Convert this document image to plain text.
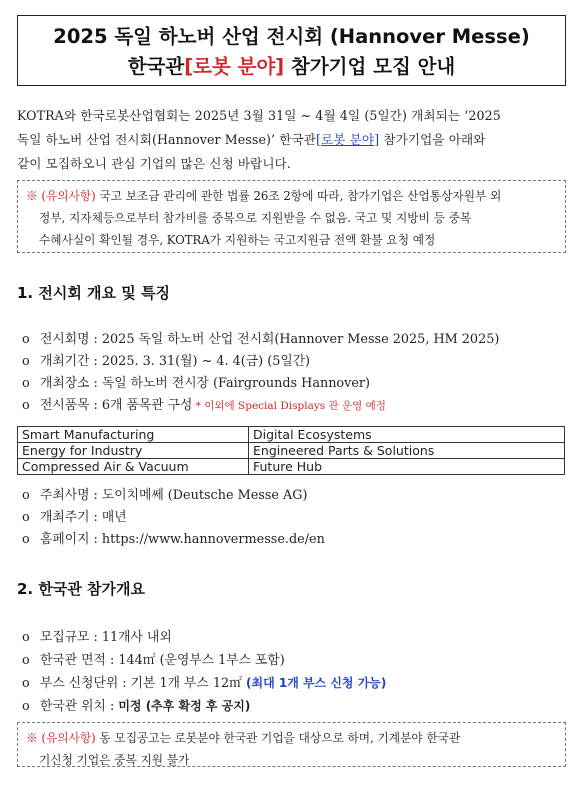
2025 독일 하노버 산업 전시회 (Hannover Messe)
한국관[로봇 분야] 참가기업 모집 안내
KOTRA와 한국로봇산업협회는 2025년 3월 31일 ~ 4월 4일 (5일간) 개최되는 ‘2025
독일 하노버 산업 전시회(Hannover Messe)’ 한국관[로봇 분야] 참가기업을 아래와
같이 모집하오니 관심 기업의 많은 신청 바랍니다.
※ (유의사항) 국고 보조금 관리에 관한 법률 26조 2항에 따라, 참가기업은 산업통상자원부 외
정부, 지자체등으로부터 참가비를 중복으로 지원받을 수 없음. 국고 및 지방비 등 중복
수혜사실이 확인될 경우, KOTRA가 지원하는 국고지원금 전액 환불 요청 예정
1. 전시회 개요 및 특징
o 전시회명 : 2025 독일 하노버 산업 전시회(Hannover Messe 2025, HM 2025)
o 개최기간 : 2025. 3. 31(월) ~ 4. 4(금) (5일간)
o 개최장소 : 독일 하노버 전시장 (Fairgrounds Hannover)
o 전시품목 : 6개 품목관 구성 * 이외에 Special Displays 관 운영 예정
Smart Manufacturing	Digital Ecosystems
Energy for Industry	Engineered Parts & Solutions
Compressed Air & Vacuum	Future Hub
o 주최사명 : 도이치메쎄 (Deutsche Messe AG)
o 개최주기 : 매년
o 홈페이지 : https://www.hannovermesse.de/en
2. 한국관 참가개요
o 모집규모 : 11개사 내외
o 한국관 면적 : 144㎡ (운영부스 1부스 포함)
o 부스 신청단위 : 기본 1개 부스 12㎡ (최대 1개 부스 신청 가능)
o 한국관 위치 : 미정 (추후 확정 후 공지)
※ (유의사항) 동 모집공고는 로봇분야 한국관 기업을 대상으로 하며, 기계분야 한국관
기신청 기업은 중복 지원 불가
